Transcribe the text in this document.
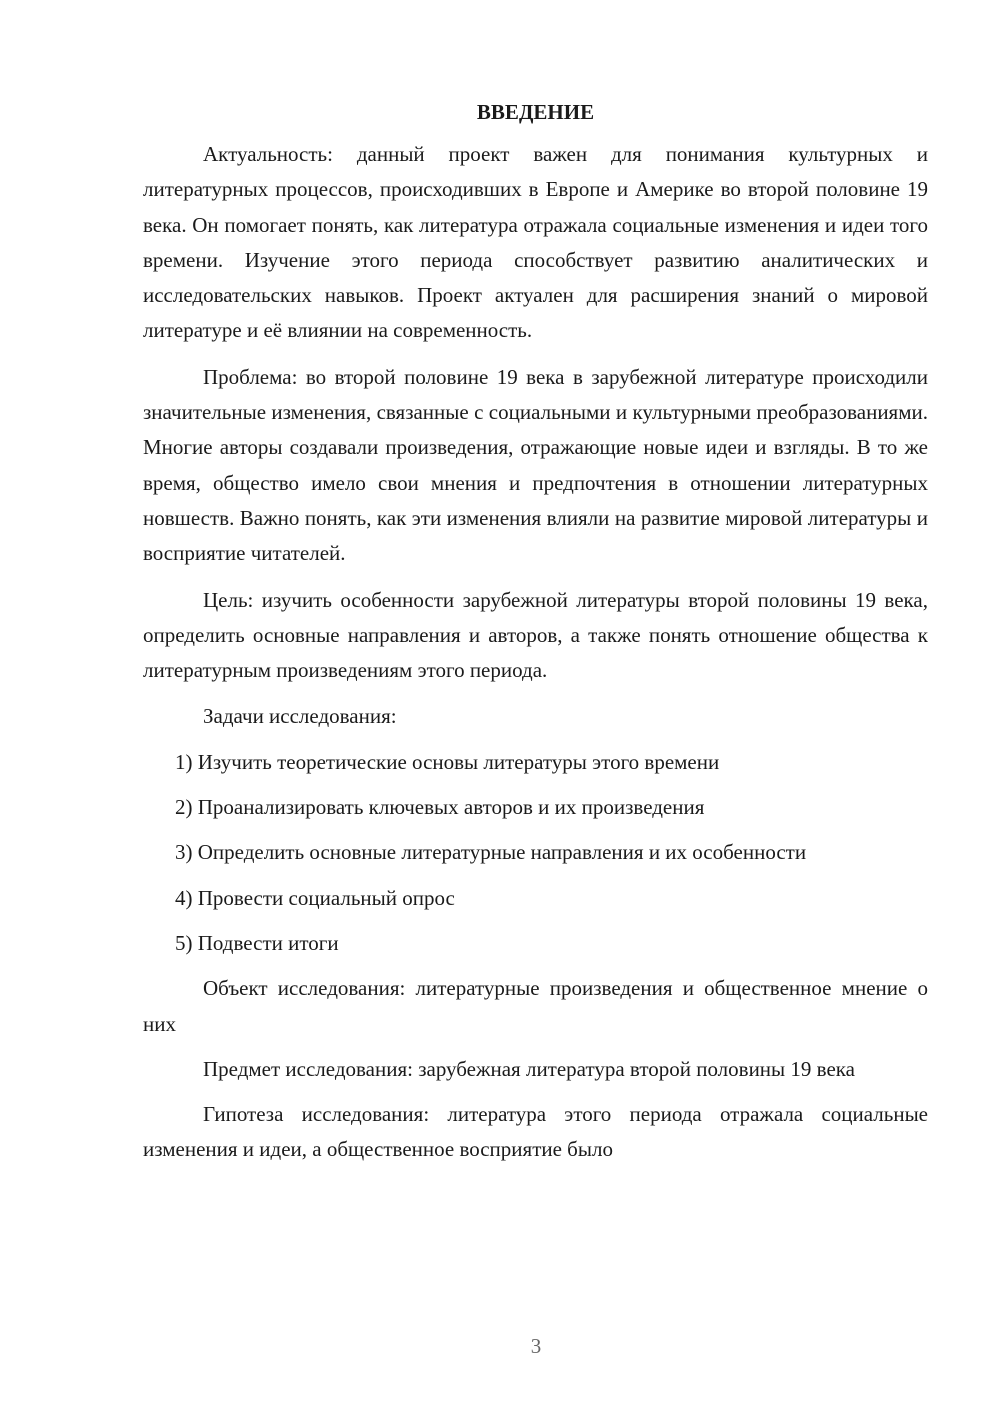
ВВЕДЕНИЕ

Актуальность: данный проект важен для понимания культурных и литературных процессов, происходивших в Европе и Америке во второй половине 19 века. Он помогает понять, как литература отражала социальные изменения и идеи того времени. Изучение этого периода способствует развитию аналитических и исследовательских навыков. Проект актуален для расширения знаний о мировой литературе и её влиянии на современность.

Проблема: во второй половине 19 века в зарубежной литературе происходили значительные изменения, связанные с социальными и культурными преобразованиями. Многие авторы создавали произведения, отражающие новые идеи и взгляды. В то же время, общество имело свои мнения и предпочтения в отношении литературных новшеств. Важно понять, как эти изменения влияли на развитие мировой литературы и восприятие читателей.

Цель: изучить особенности зарубежной литературы второй половины 19 века, определить основные направления и авторов, а также понять отношение общества к литературным произведениям этого периода.

Задачи исследования:
1) Изучить теоретические основы литературы этого времени
2) Проанализировать ключевых авторов и их произведения
3) Определить основные литературные направления и их особенности
4) Провести социальный опрос
5) Подвести итоги

Объект исследования: литературные произведения и общественное мнение о них

Предмет исследования: зарубежная литература второй половины 19 века

Гипотеза исследования: литература этого периода отражала социальные изменения и идеи, а общественное восприятие было

3
